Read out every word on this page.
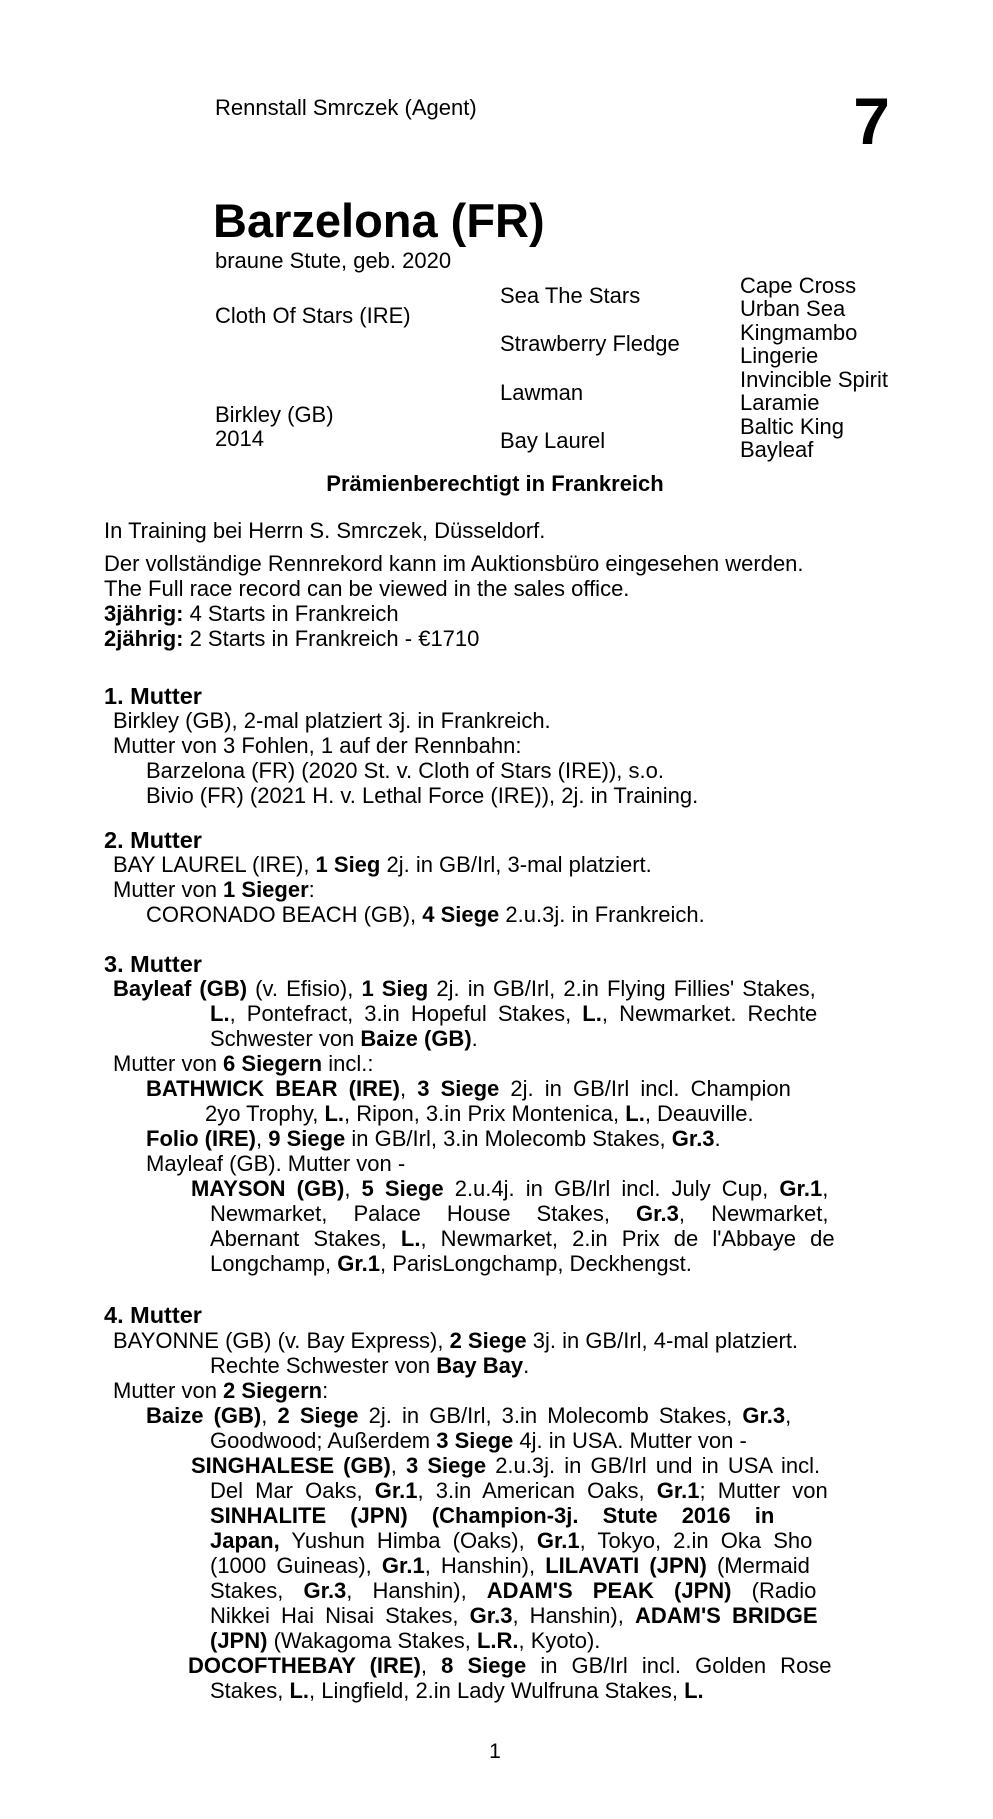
Rennstall Smrczek (Agent)	7
Barzelona (FR)
braune Stute, geb. 2020
Cloth Of Stars (IRE)
Birkley (GB)
2014
Sea The Stars
Strawberry Fledge
Lawman
Bay Laurel
Cape Cross
Urban Sea
Kingmambo
Lingerie
Invincible Spirit
Laramie
Baltic King
Bayleaf
Prämienberechtigt in Frankreich
In Training bei Herrn S. Smrczek, Düsseldorf.
Der vollständige Rennrekord kann im Auktionsbüro eingesehen werden.
The Full race record can be viewed in the sales office.
3jährig: 4 Starts in Frankreich
2jährig: 2 Starts in Frankreich - €1710
1. Mutter
Birkley (GB), 2-mal platziert 3j. in Frankreich.
Mutter von 3 Fohlen, 1 auf der Rennbahn:
Barzelona (FR) (2020 St. v. Cloth of Stars (IRE)), s.o.
Bivio (FR) (2021 H. v. Lethal Force (IRE)), 2j. in Training.
2. Mutter
BAY LAUREL (IRE), 1 Sieg 2j. in GB/Irl, 3-mal platziert.
Mutter von 1 Sieger:
CORONADO BEACH (GB), 4 Siege 2.u.3j. in Frankreich.
3. Mutter
Bayleaf (GB) (v. Efisio), 1 Sieg 2j. in GB/Irl, 2.in Flying Fillies' Stakes,
L., Pontefract, 3.in Hopeful Stakes, L., Newmarket. Rechte
Schwester von Baize (GB).
Mutter von 6 Siegern incl.:
BATHWICK BEAR (IRE), 3 Siege 2j. in GB/Irl incl. Champion
2yo Trophy, L., Ripon, 3.in Prix Montenica, L., Deauville.
Folio (IRE), 9 Siege in GB/Irl, 3.in Molecomb Stakes, Gr.3.
Mayleaf (GB). Mutter von -
MAYSON (GB), 5 Siege 2.u.4j. in GB/Irl incl. July Cup, Gr.1,
Newmarket, Palace House Stakes, Gr.3, Newmarket,
Abernant Stakes, L., Newmarket, 2.in Prix de l'Abbaye de
Longchamp, Gr.1, ParisLongchamp, Deckhengst.
4. Mutter
BAYONNE (GB) (v. Bay Express), 2 Siege 3j. in GB/Irl, 4-mal platziert.
Rechte Schwester von Bay Bay.
Mutter von 2 Siegern:
Baize (GB), 2 Siege 2j. in GB/Irl, 3.in Molecomb Stakes, Gr.3,
Goodwood; Außerdem 3 Siege 4j. in USA. Mutter von -
SINGHALESE (GB), 3 Siege 2.u.3j. in GB/Irl und in USA incl.
Del Mar Oaks, Gr.1, 3.in American Oaks, Gr.1; Mutter von
SINHALITE (JPN) (Champion-3j. Stute 2016 in
Japan, Yushun Himba (Oaks), Gr.1, Tokyo, 2.in Oka Sho
(1000 Guineas), Gr.1, Hanshin), LILAVATI (JPN) (Mermaid
Stakes, Gr.3, Hanshin), ADAM'S PEAK (JPN) (Radio
Nikkei Hai Nisai Stakes, Gr.3, Hanshin), ADAM'S BRIDGE
(JPN) (Wakagoma Stakes, L.R., Kyoto).
DOCOFTHEBAY (IRE), 8 Siege in GB/Irl incl. Golden Rose
Stakes, L., Lingfield, 2.in Lady Wulfruna Stakes, L.
1
